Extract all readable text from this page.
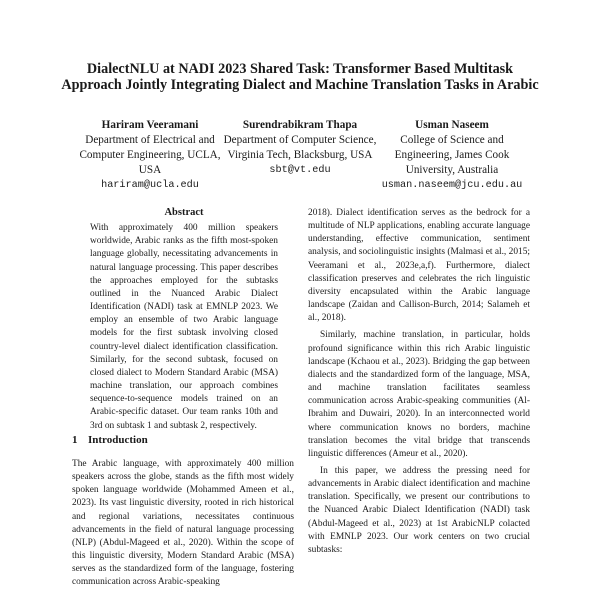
DialectNLU at NADI 2023 Shared Task: Transformer Based Multitask Approach Jointly Integrating Dialect and Machine Translation Tasks in Arabic
Hariram Veeramani
Department of Electrical and Computer Engineering, UCLA, USA
hariram@ucla.edu
Surendrabikram Thapa
Department of Computer Science, Virginia Tech, Blacksburg, USA
sbt@vt.edu
Usman Naseem
College of Science and Engineering, James Cook University, Australia
usman.naseem@jcu.edu.au
Abstract

With approximately 400 million speakers worldwide, Arabic ranks as the fifth most-spoken language globally, necessitating advancements in natural language processing. This paper describes the approaches employed for the subtasks outlined in the Nuanced Arabic Dialect Identification (NADI) task at EMNLP 2023. We employ an ensemble of two Arabic language models for the first subtask involving closed country-level dialect identification classification. Similarly, for the second subtask, focused on closed dialect to Modern Standard Arabic (MSA) machine translation, our approach combines sequence-to-sequence models trained on an Arabic-specific dataset. Our team ranks 10th and 3rd on subtask 1 and subtask 2, respectively.

1 Introduction

The Arabic language, with approximately 400 million speakers across the globe, stands as the fifth most widely spoken language worldwide (Mohammed Ameen et al., 2023). Its vast linguistic diversity, rooted in rich historical and regional variations, necessitates continuous advancements in the field of natural language processing (NLP) (Abdul-Mageed et al., 2020). Within the scope of this linguistic diversity, Modern Standard Arabic (MSA) serves as the standardized form of the language, fostering communication across Arabic-speaking

2018). Dialect identification serves as the bedrock for a multitude of NLP applications, enabling accurate language understanding, effective communication, sentiment analysis, and sociolinguistic insights (Malmasi et al., 2015; Veeramani et al., 2023e,a,f). Furthermore, dialect classification preserves and celebrates the rich linguistic diversity encapsulated within the Arabic language landscape (Zaidan and Callison-Burch, 2014; Salameh et al., 2018).

Similarly, machine translation, in particular, holds profound significance within this rich Arabic linguistic landscape (Kchaou et al., 2023). Bridging the gap between dialects and the standardized form of the language, MSA, and machine translation facilitates seamless communication across Arabic-speaking communities (Al-Ibrahim and Duwairi, 2020). In an interconnected world where communication knows no borders, machine translation becomes the vital bridge that transcends linguistic differences (Ameur et al., 2020).

In this paper, we address the pressing need for advancements in Arabic dialect identification and machine translation. Specifically, we present our contributions to the Nuanced Arabic Dialect Identification (NADI) task (Abdul-Mageed et al., 2023) at 1st ArabicNLP colacted with EMNLP 2023. Our work centers on two crucial subtasks:
